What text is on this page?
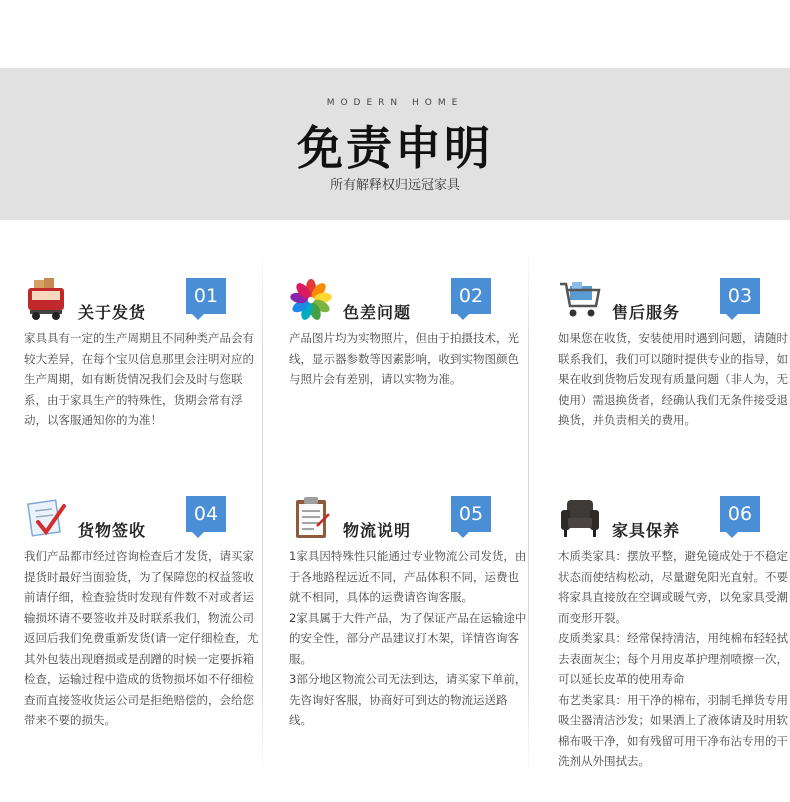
MODERN HOME
免责申明
所有解释权归远冠家具
关于发货
01

家具具有一定的生产周期且不同种类产品会有较大差异，在每个宝贝信息那里会注明对应的生产周期，如有断货情况我们会及时与您联系，由于家具生产的特殊性，货期会常有浮动，以客服通知你的为准！

色差问题
02

产品图片均为实物照片，但由于拍摄技术，光线，显示器参数等因素影响，收到实物图颜色与照片会有差别，请以实物为准。

售后服务
03

如果您在收货，安装使用时遇到问题，请随时联系我们，我们可以随时提供专业的指导，如果在收到货物后发现有质量问题（非人为，无使用）需退换货者，经确认我们无条件接受退换货，并负责相关的费用。

货物签收
04

我们产品都市经过咨询检查后才发货，请买家提货时最好当面验货，为了保障您的权益签收前请仔细，检查验货时发现有件数不对或者运输损坏请不要签收并及时联系我们，物流公司返回后我们免费重新发货(请一定仔细检查，尤其外包装出现磨损或是刮蹭的时候一定要拆箱检查，运输过程中造成的货物损坏如不仔细检查而直接签收货运公司是拒绝赔偿的，会给您带来不要的损失。

物流说明
05

1家具因特殊性只能通过专业物流公司发货，由于各地路程远近不同，产品体积不同，运费也就不相同，具体的运费请咨询客服。

2家具属于大件产品，为了保证产品在运输途中的安全性，部分产品建议打木架，详情咨询客服。

3部分地区物流公司无法到达，请买家下单前，先咨询好客服，协商好可到达的物流运送路线。

家具保养
06

木质类家具：摆放平整，避免镜成处于不稳定状态而使结构松动，尽量避免阳光直射。不要将家具直接放在空调或暖气旁，以免家具受潮而变形开裂。

皮质类家具：经常保持清洁，用纯棉布轻轻拭去表面灰尘；每个月用皮革护理剂喷擦一次，可以延长皮革的使用寿命

布艺类家具：用干净的棉布，羽制毛掸货专用吸尘器清洁沙发；如果洒上了液体请及时用软棉布吸干净，如有残留可用干净布沾专用的干洗剂从外围拭去。
